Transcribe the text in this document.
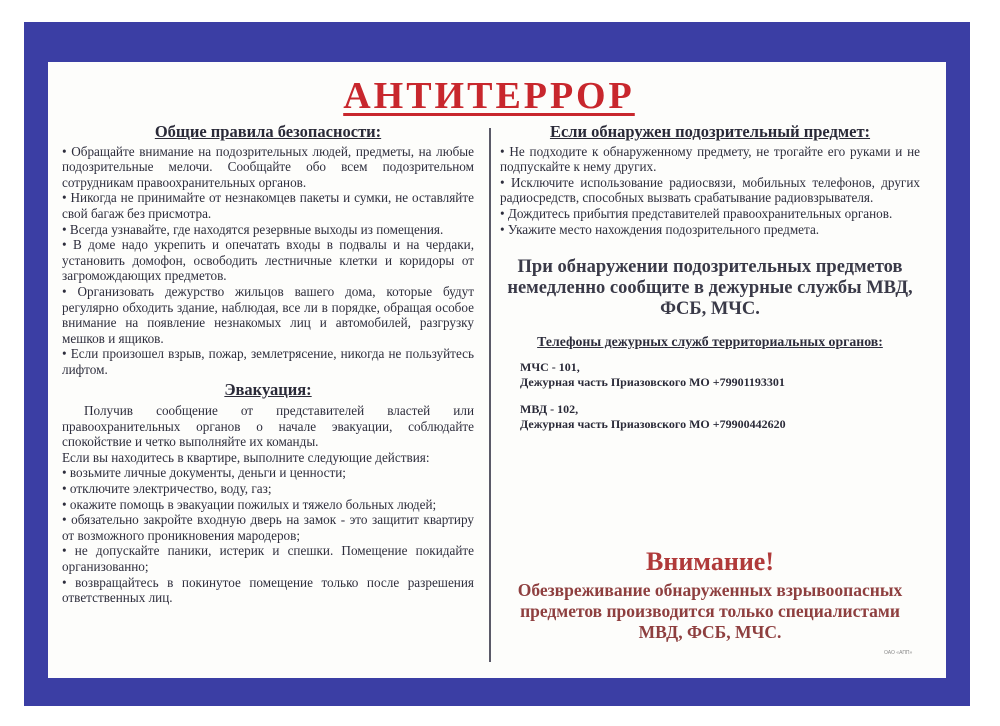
АНТИТЕРРОР
Общие правила безопасности:

• Обращайте внимание на подозрительных людей, предметы, на любые подозрительные мелочи. Сообщайте обо всем подозрительном сотрудникам правоохранительных органов.

• Никогда не принимайте от незнакомцев пакеты и сумки, не оставляйте свой багаж без присмотра.

• Всегда узнавайте, где находятся резервные выходы из помещения.

• В доме надо укрепить и опечатать входы в подвалы и на чердаки, установить домофон, освободить лестничные клетки и коридоры от загромождающих предметов.

• Организовать дежурство жильцов вашего дома, которые будут регулярно обходить здание, наблюдая, все ли в порядке, обращая особое внимание на появление незнакомых лиц и автомобилей, разгрузку мешков и ящиков.

• Если произошел взрыв, пожар, землетрясение, никогда не пользуйтесь лифтом.

Эвакуация:

Получив сообщение от представителей властей или правоохранительных органов о начале эвакуации, соблюдайте спокойствие и четко выполняйте их команды.

Если вы находитесь в квартире, выполните следующие действия:

• возьмите личные документы, деньги и ценности;

• отключите электричество, воду, газ;

• окажите помощь в эвакуации пожилых и тяжело больных людей;

• обязательно закройте входную дверь на замок - это защитит квартиру от возможного проникновения мародеров;

• не допускайте паники, истерик и спешки. Помещение покидайте организованно;

• возвращайтесь в покинутое помещение только после разрешения ответственных лиц.

Если обнаружен подозрительный предмет:

• Не подходите к обнаруженному предмету, не трогайте его руками и не подпускайте к нему других.

• Исключите использование радиосвязи, мобильных телефонов, других радиосредств, способных вызвать срабатывание радиовзрывателя.

• Дождитесь прибытия представителей правоохранительных органов.

• Укажите место нахождения подозрительного предмета.

При обнаружении подозрительных предметов немедленно сообщите в дежурные службы МВД, ФСБ, МЧС.
Телефоны дежурных служб территориальных органов:
МЧС - 101,
Дежурная часть Приазовского МО +79901193301
МВД - 102,
Дежурная часть Приазовского МО +79900442620
Внимание!
Обезвреживание обнаруженных взрывоопасных предметов производится только специалистами МВД, ФСБ, МЧС.
ОАО «АПП»
